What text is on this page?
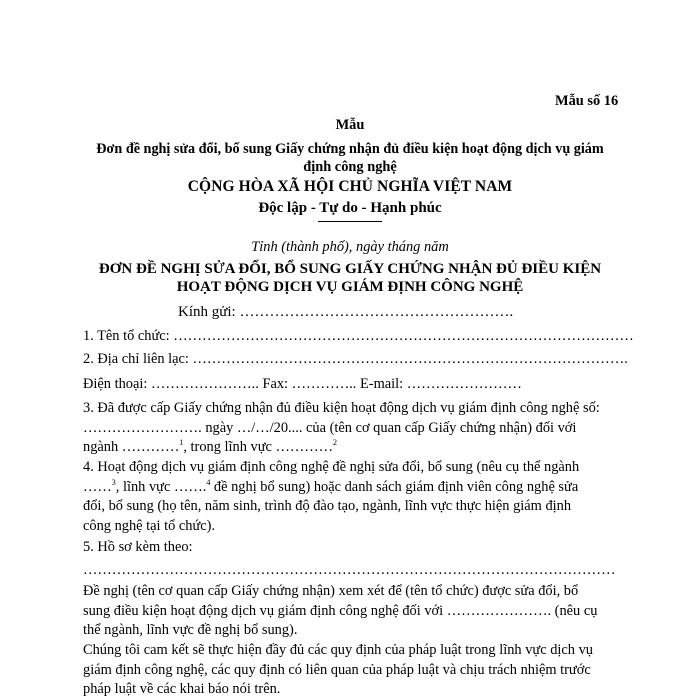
Mẫu số 16
Mẫu
Đơn đề nghị sửa đổi, bổ sung Giấy chứng nhận đủ điều kiện hoạt động dịch vụ giám
định công nghệ
CỘNG HÒA XÃ HỘI CHỦ NGHĨA VIỆT NAM
Độc lập - Tự do - Hạnh phúc
Tỉnh (thành phố), ngày tháng năm
ĐƠN ĐỀ NGHỊ SỬA ĐỔI, BỔ SUNG GIẤY CHỨNG NHẬN ĐỦ ĐIỀU KIỆN
HOẠT ĐỘNG DỊCH VỤ GIÁM ĐỊNH CÔNG NGHỆ
Kính gửi: ……………………………………………….
1. Tên tổ chức: ……………………………………………………………………………………
2. Địa chỉ liên lạc: ……………………………………………………………………………….
Điện thoại: ………………….. Fax: ………….. E-mail: ……………………
3. Đã được cấp Giấy chứng nhận đủ điều kiện hoạt động dịch vụ giám định công nghệ số:
……………………. ngày …/…/20.... của (tên cơ quan cấp Giấy chứng nhận) đối với
ngành …………$^1$, trong lĩnh vực …………$^2$
4. Hoạt động dịch vụ giám định công nghệ đề nghị sửa đổi, bổ sung (nêu cụ thể ngành
……$^3$, lĩnh vực …….$^4$ đề nghị bổ sung) hoặc danh sách giám định viên công nghệ sửa
đổi, bổ sung (họ tên, năm sinh, trình độ đào tạo, ngành, lĩnh vực thực hiện giám định
công nghệ tại tổ chức).
5. Hồ sơ kèm theo:
…………………………………………………………………………………………………
Đề nghị (tên cơ quan cấp Giấy chứng nhận) xem xét để (tên tổ chức) được sửa đổi, bổ
sung điều kiện hoạt động dịch vụ giám định công nghệ đối với …………………. (nêu cụ
thể ngành, lĩnh vực đề nghị bổ sung).
Chúng tôi cam kết sẽ thực hiện đầy đủ các quy định của pháp luật trong lĩnh vực dịch vụ
giám định công nghệ, các quy định có liên quan của pháp luật và chịu trách nhiệm trước
pháp luật về các khai báo nói trên.
